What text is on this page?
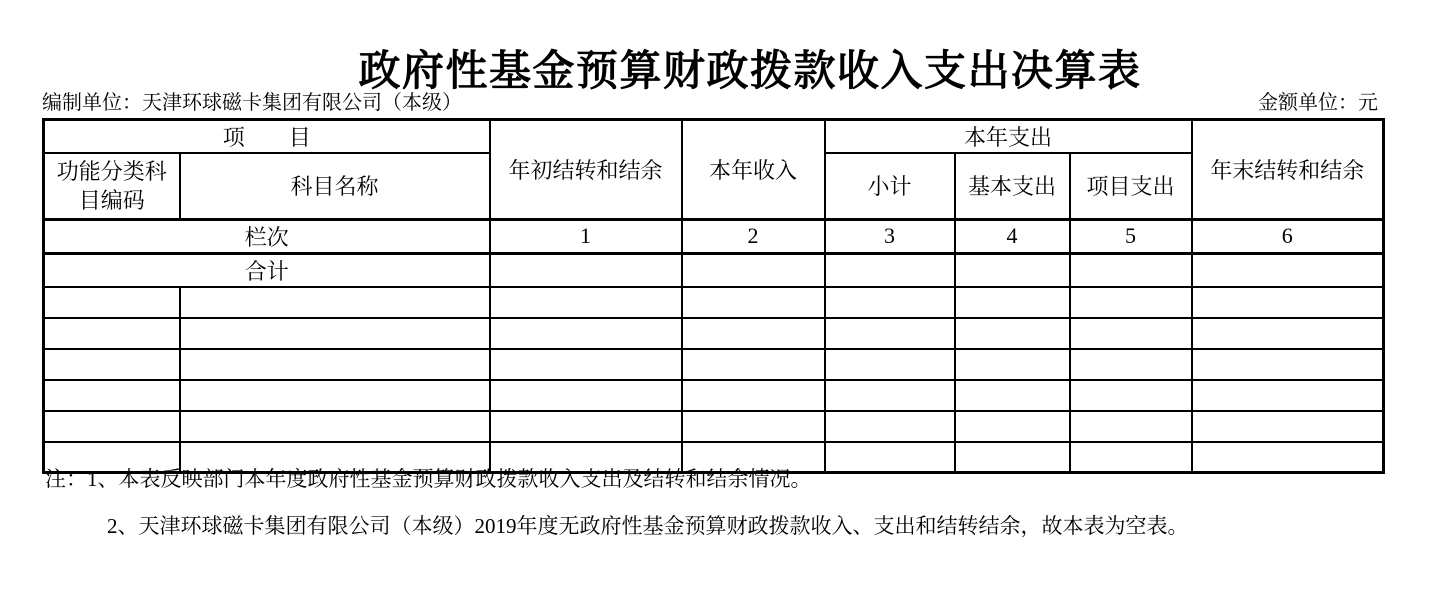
政府性基金预算财政拨款收入支出决算表
编制单位：天津环球磁卡集团有限公司（本级）	金额单位：元
项　　目		年初结转和结余	本年收入	本年支出			年末结转和结余

功能分类科
目编码	科目名称			小计	基本支出	项目支出	
栏次		1	2	3	4	5	6
合计							

注：1、本表反映部门本年度政府性基金预算财政拨款收入支出及结转和结余情况。
2、天津环球磁卡集团有限公司（本级）2019年度无政府性基金预算财政拨款收入、支出和结转结余，故本表为空表。
